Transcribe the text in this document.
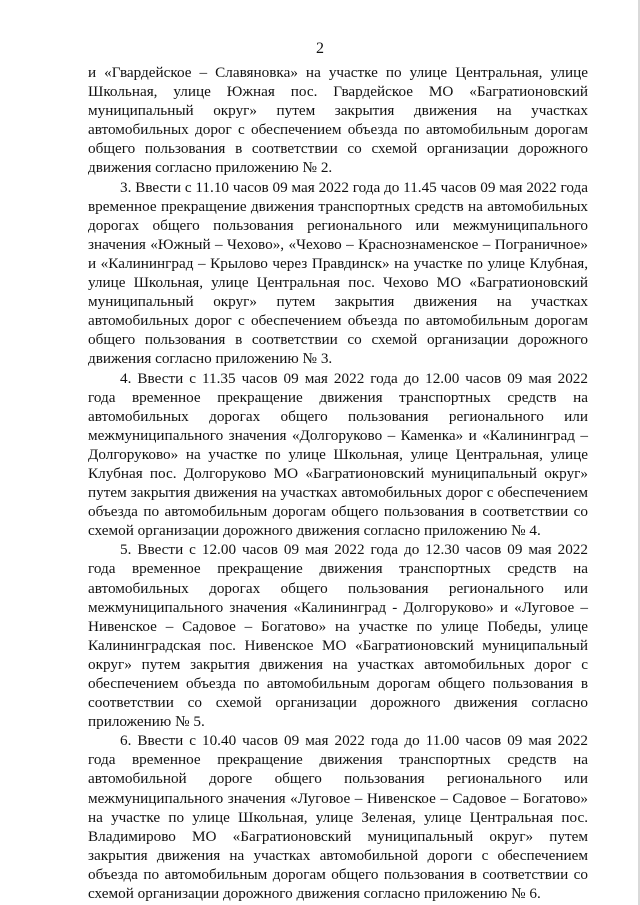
2

и «Гвардейское – Славяновка» на участке по улице Центральная, улице Школьная, улице Южная пос. Гвардейское МО «Багратионовский муниципальный округ» путем закрытия движения на участках автомобильных дорог с обеспечением объезда по автомобильным дорогам общего пользования в соответствии со схемой организации дорожного движения согласно приложению № 2.

3. Ввести с 11.10 часов 09 мая 2022 года до 11.45 часов 09 мая 2022 года временное прекращение движения транспортных средств на автомобильных дорогах общего пользования регионального или межмуниципального значения «Южный – Чехово», «Чехово – Краснознаменское – Пограничное» и «Калининград – Крылово через Правдинск» на участке по улице Клубная, улице Школьная, улице Центральная пос. Чехово МО «Багратионовский муниципальный округ» путем закрытия движения на участках автомобильных дорог с обеспечением объезда по автомобильным дорогам общего пользования в соответствии со схемой организации дорожного движения согласно приложению № 3.

4. Ввести с 11.35 часов 09 мая 2022 года до 12.00 часов 09 мая 2022 года временное прекращение движения транспортных средств на автомобильных дорогах общего пользования регионального или межмуниципального значения «Долгоруково – Каменка» и «Калининград – Долгоруково» на участке по улице Школьная, улице Центральная, улице Клубная пос. Долгоруково МО «Багратионовский муниципальный округ» путем закрытия движения на участках автомобильных дорог с обеспечением объезда по автомобильным дорогам общего пользования в соответствии со схемой организации дорожного движения согласно приложению № 4.

5. Ввести с 12.00 часов 09 мая 2022 года до 12.30 часов 09 мая 2022 года временное прекращение движения транспортных средств на автомобильных дорогах общего пользования регионального или межмуниципального значения «Калининград - Долгоруково» и «Луговое – Нивенское – Садовое – Богатово» на участке по улице Победы, улице Калининградская пос. Нивенское МО «Багратионовский муниципальный округ» путем закрытия движения на участках автомобильных дорог с обеспечением объезда по автомобильным дорогам общего пользования в соответствии со схемой организации дорожного движения согласно приложению № 5.

6. Ввести с 10.40 часов 09 мая 2022 года до 11.00 часов 09 мая 2022 года временное прекращение движения транспортных средств на автомобильной дороге общего пользования регионального или межмуниципального значения «Луговое – Нивенское – Садовое – Богатово» на участке по улице Школьная, улице Зеленая, улице Центральная пос. Владимирово МО «Багратионовский муниципальный округ» путем закрытия движения на участках автомобильной дороги с обеспечением объезда по автомобильным дорогам общего пользования в соответствии со схемой организации дорожного движения согласно приложению № 6.
